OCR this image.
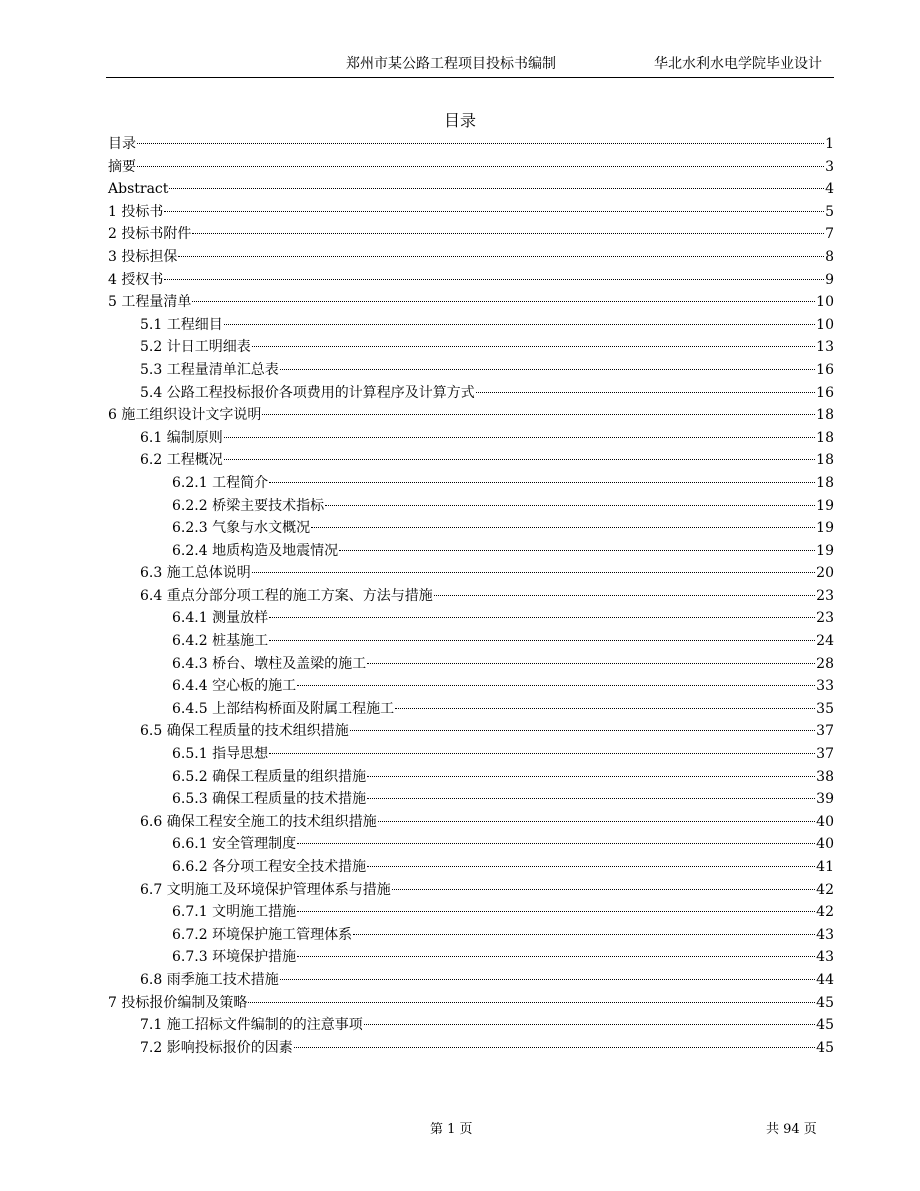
郑州市某公路工程项目投标书编制	华北水利水电学院毕业设计
目录
目录	1
摘要	3
Abstract	4
1 投标书	5
2 投标书附件	7
3 投标担保	8
4 授权书	9
5 工程量清单	10
5.1 工程细目	10
5.2 计日工明细表	13
5.3 工程量清单汇总表	16
5.4 公路工程投标报价各项费用的计算程序及计算方式	16
6 施工组织设计文字说明	18
6.1 编制原则	18
6.2 工程概况	18
6.2.1 工程简介	18
6.2.2 桥梁主要技术指标	19
6.2.3 气象与水文概况	19
6.2.4 地质构造及地震情况	19
6.3 施工总体说明	20
6.4 重点分部分项工程的施工方案、方法与措施	23
6.4.1 测量放样	23
6.4.2 桩基施工	24
6.4.3 桥台、墩柱及盖梁的施工	28
6.4.4 空心板的施工	33
6.4.5 上部结构桥面及附属工程施工	35
6.5 确保工程质量的技术组织措施	37
6.5.1 指导思想	37
6.5.2 确保工程质量的组织措施	38
6.5.3 确保工程质量的技术措施	39
6.6 确保工程安全施工的技术组织措施	40
6.6.1 安全管理制度	40
6.6.2 各分项工程安全技术措施	41
6.7 文明施工及环境保护管理体系与措施	42
6.7.1 文明施工措施	42
6.7.2 环境保护施工管理体系	43
6.7.3 环境保护措施	43
6.8 雨季施工技术措施	44
7 投标报价编制及策略	45
7.1 施工招标文件编制的的注意事项	45
7.2 影响投标报价的因素	45
第 1 页	共 94 页
